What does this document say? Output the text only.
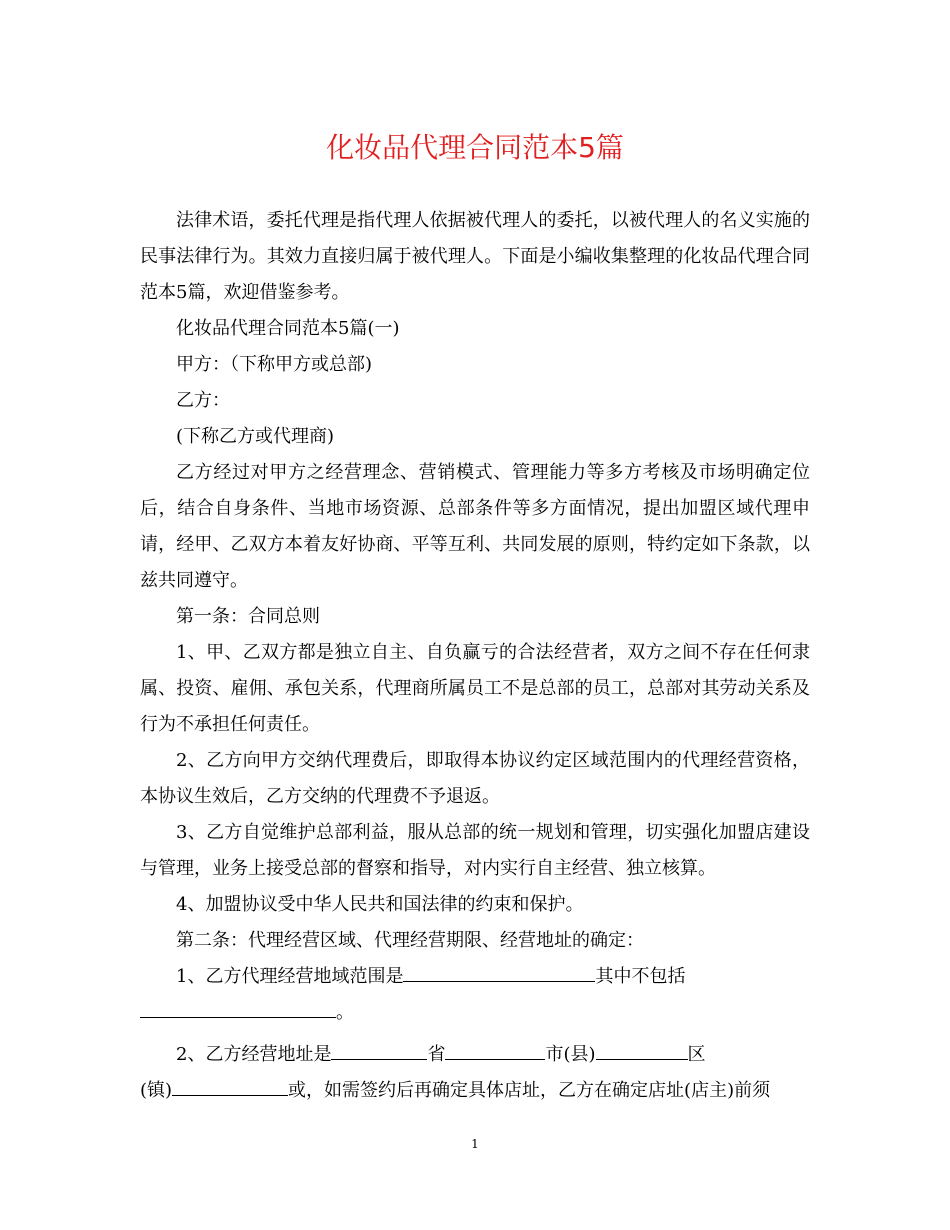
化妆品代理合同范本5篇

法律术语，委托代理是指代理人依据被代理人的委托，以被代理人的名义实施的民事法律行为。其效力直接归属于被代理人。下面是小编收集整理的化妆品代理合同范本5篇，欢迎借鉴参考。

化妆品代理合同范本5篇(一)

甲方：（下称甲方或总部)

乙方：

(下称乙方或代理商)

乙方经过对甲方之经营理念、营销模式、管理能力等多方考核及市场明确定位后，结合自身条件、当地市场资源、总部条件等多方面情况，提出加盟区域代理申请，经甲、乙双方本着友好协商、平等互利、共同发展的原则，特约定如下条款，以兹共同遵守。

第一条：合同总则

1、甲、乙双方都是独立自主、自负赢亏的合法经营者，双方之间不存在任何隶属、投资、雇佣、承包关系，代理商所属员工不是总部的员工，总部对其劳动关系及行为不承担任何责任。

2、乙方向甲方交纳代理费后，即取得本协议约定区域范围内的代理经营资格，本协议生效后，乙方交纳的代理费不予退返。

3、乙方自觉维护总部利益，服从总部的统一规划和管理，切实强化加盟店建设与管理，业务上接受总部的督察和指导，对内实行自主经营、独立核算。

4、加盟协议受中华人民共和国法律的约束和保护。

第二条：代理经营区域、代理经营期限、经营地址的确定：

1、乙方代理经营地域范围是	其中不包括

。

2、乙方经营地址是	省	市(县)	区

(镇)	或，如需签约后再确定具体店址，乙方在确定店址(店主)前须

1
